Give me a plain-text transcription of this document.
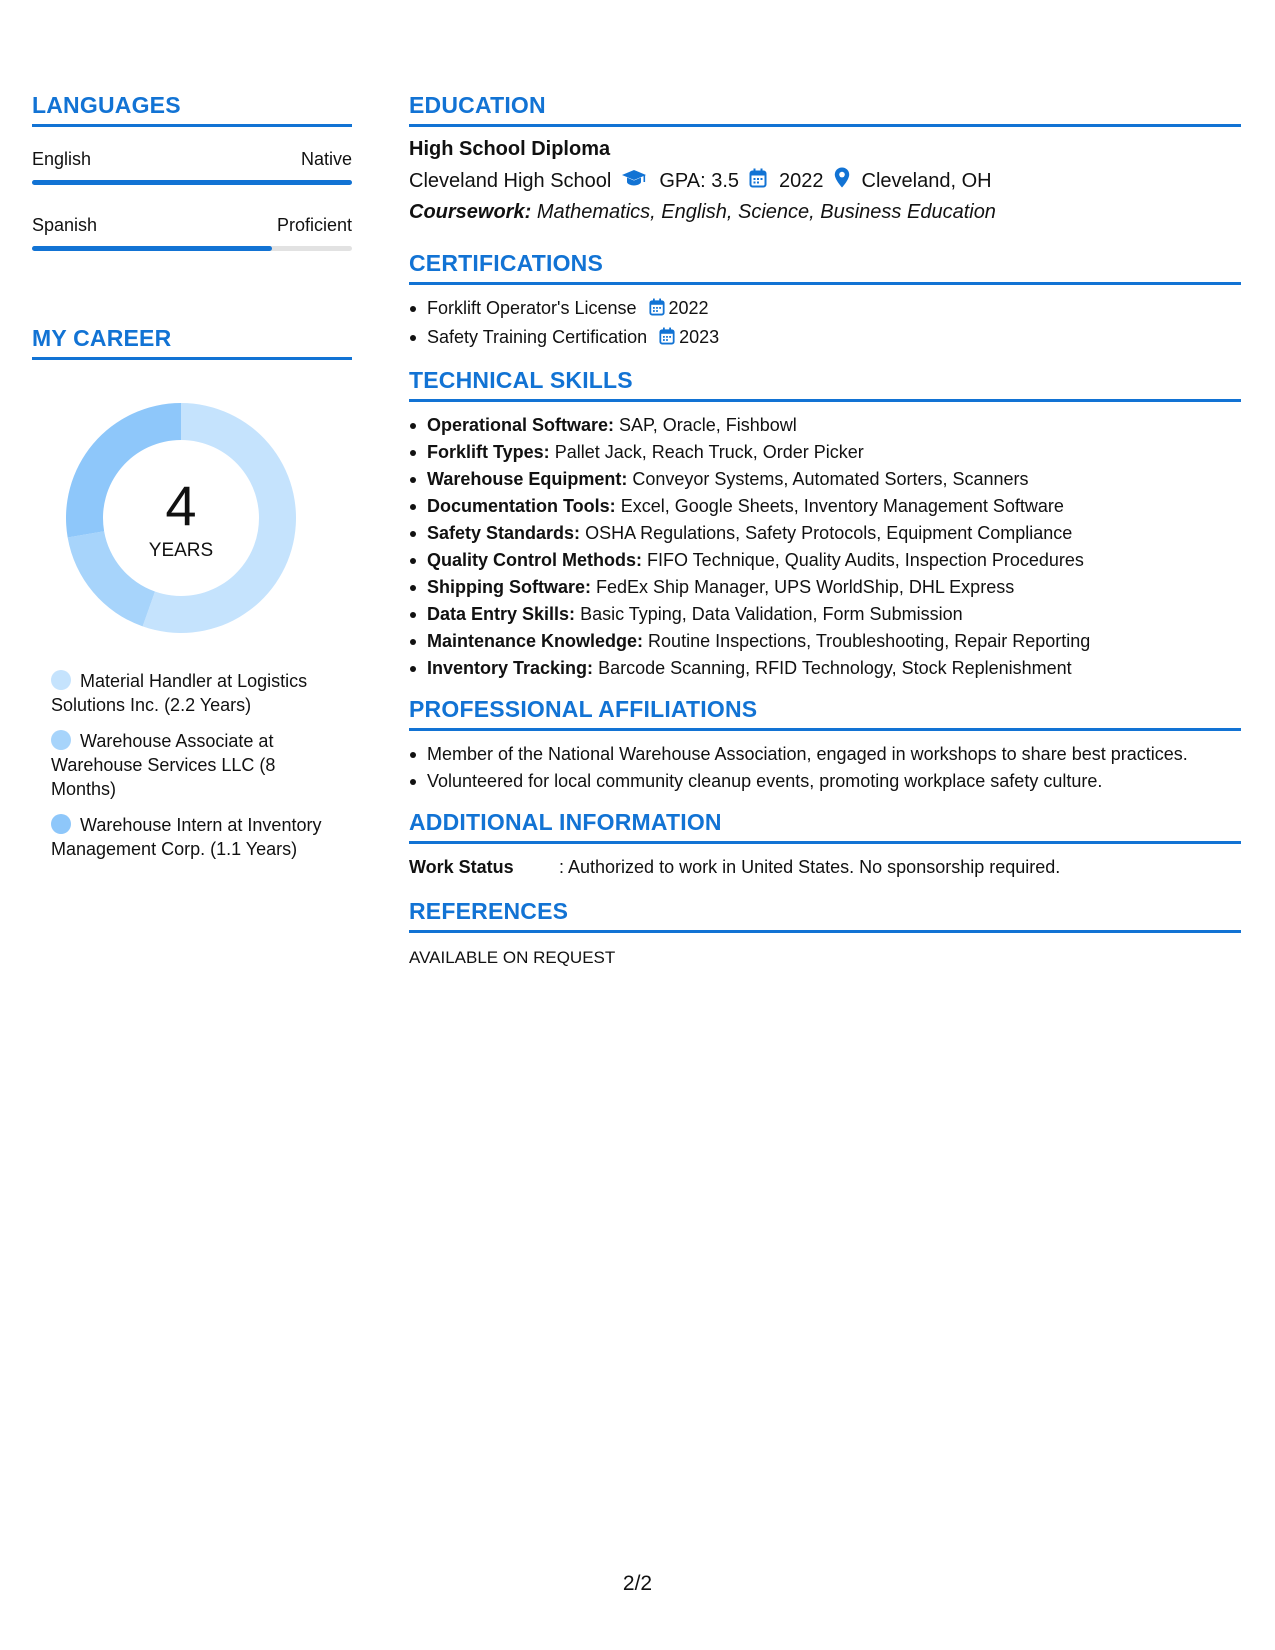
LANGUAGES
English	Native
Spanish	Proficient
MY CAREER
4
YEARS
Material Handler at Logistics Solutions Inc. (2.2 Years)
Warehouse Associate at Warehouse Services LLC (8 Months)
Warehouse Intern at Inventory Management Corp. (1.1 Years)
EDUCATION
High School Diploma
Cleveland High School GPA: 3.5 2022 Cleveland, OH
Coursework: Mathematics, English, Science, Business Education
CERTIFICATIONS
Forklift Operator's License 2022
Safety Training Certification 2023
TECHNICAL SKILLS
Operational Software: SAP, Oracle, Fishbowl
Forklift Types: Pallet Jack, Reach Truck, Order Picker
Warehouse Equipment: Conveyor Systems, Automated Sorters, Scanners
Documentation Tools: Excel, Google Sheets, Inventory Management Software
Safety Standards: OSHA Regulations, Safety Protocols, Equipment Compliance
Quality Control Methods: FIFO Technique, Quality Audits, Inspection Procedures
Shipping Software: FedEx Ship Manager, UPS WorldShip, DHL Express
Data Entry Skills: Basic Typing, Data Validation, Form Submission
Maintenance Knowledge: Routine Inspections, Troubleshooting, Repair Reporting
Inventory Tracking: Barcode Scanning, RFID Technology, Stock Replenishment
PROFESSIONAL AFFILIATIONS
Member of the National Warehouse Association, engaged in workshops to share best practices.
Volunteered for local community cleanup events, promoting workplace safety culture.
ADDITIONAL INFORMATION
Work Status	: Authorized to work in United States. No sponsorship required.
REFERENCES
AVAILABLE ON REQUEST
2/2
